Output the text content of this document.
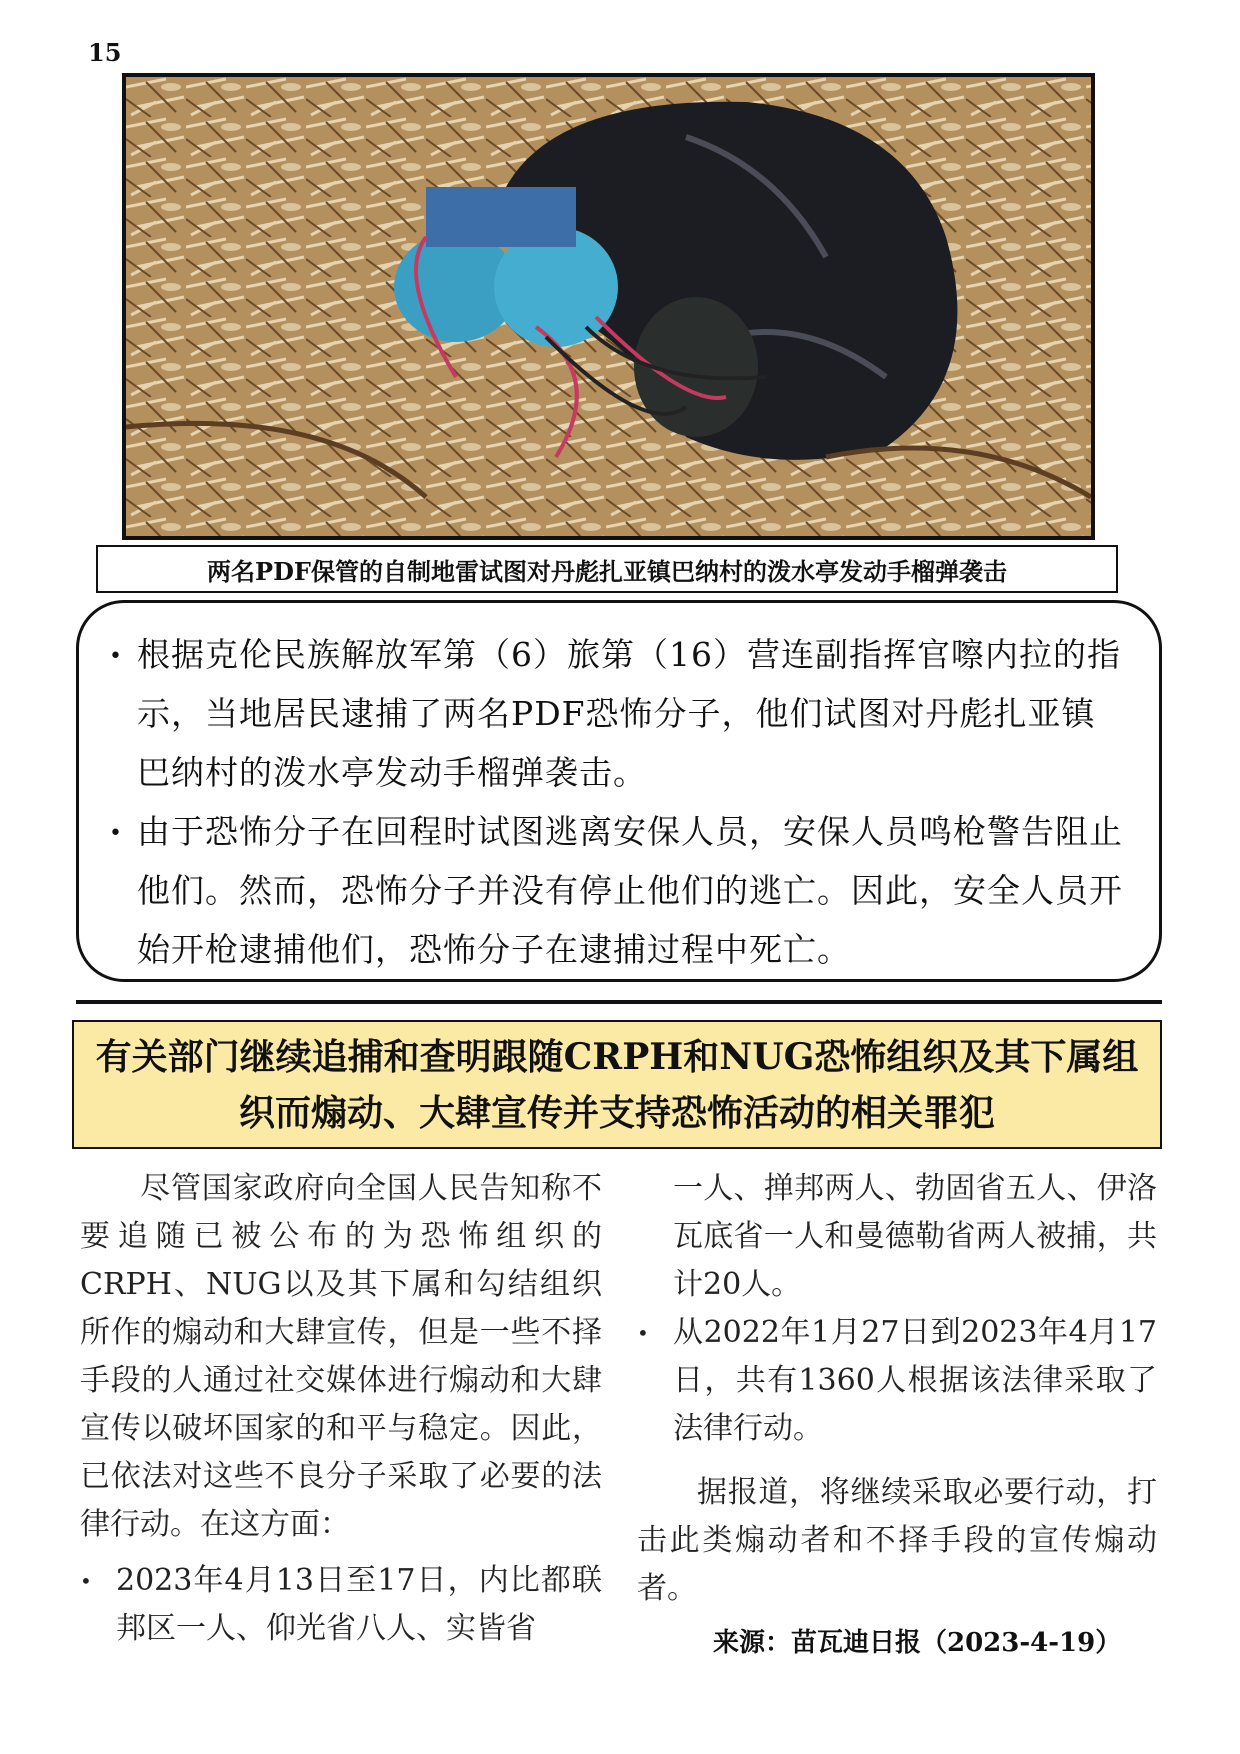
15
两名PDF保管的自制地雷试图对丹彪扎亚镇巴纳村的泼水亭发动手榴弹袭击
• 根据克伦民族解放军第（6）旅第（16）营连副指挥官嚓内拉的指示，当地居民逮捕了两名PDF恐怖分子，他们试图对丹彪扎亚镇巴纳村的泼水亭发动手榴弹袭击。
• 由于恐怖分子在回程时试图逃离安保人员，安保人员鸣枪警告阻止他们。然而，恐怖分子并没有停止他们的逃亡。因此，安全人员开始开枪逮捕他们，恐怖分子在逮捕过程中死亡。
有关部门继续追捕和查明跟随CRPH和NUG恐怖组织及其下属组织而煽动、大肆宣传并支持恐怖活动的相关罪犯

尽管国家政府向全国人民告知称不要追随已被公布的为恐怖组织的CRPH、NUG以及其下属和勾结组织所作的煽动和大肆宣传，但是一些不择手段的人通过社交媒体进行煽动和大肆宣传以破坏国家的和平与稳定。因此，已依法对这些不良分子采取了必要的法律行动。在这方面：

• 2023年4月13日至17日，内比都联邦区一人、仰光省八人、实皆省

一人、掸邦两人、勃固省五人、伊洛瓦底省一人和曼德勒省两人被捕，共计20人。

• 从2022年1月27日到2023年4月17日，共有1360人根据该法律采取了法律行动。

据报道，将继续采取必要行动，打击此类煽动者和不择手段的宣传煽动者。

来源：苗瓦迪日报（2023-4-19）
